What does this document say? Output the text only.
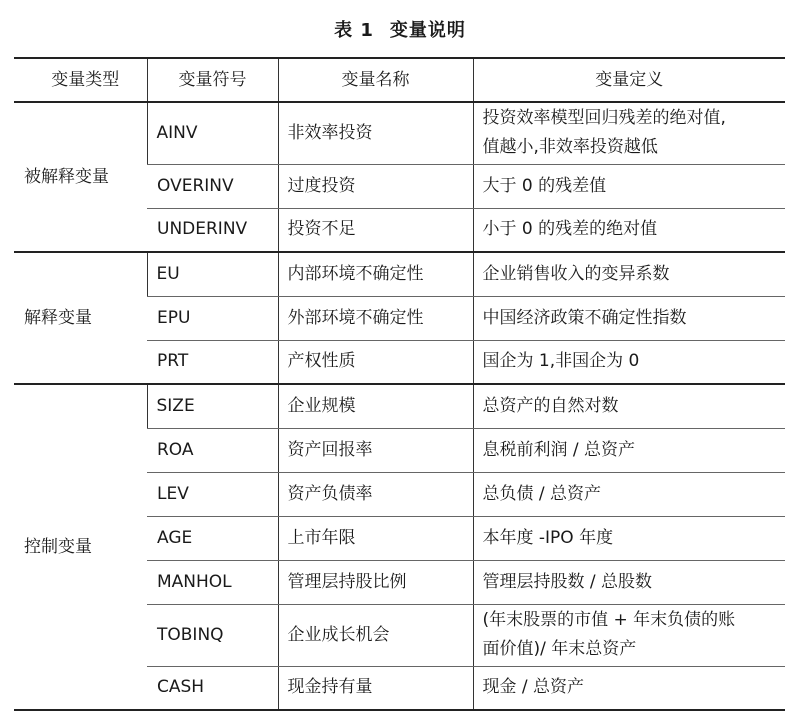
表 1 变量说明
变量类型	变量符号	变量名称	变量定义
被解释变量	AINV	非效率投资	投资效率模型回归残差的绝对值,
值越小,非效率投资越低
	OVERINV	过度投资	大于 0 的残差值
	UNDERINV	投资不足	小于 0 的残差的绝对值
解释变量	EU	内部环境不确定性	企业销售收入的变异系数
	EPU	外部环境不确定性	中国经济政策不确定性指数
	PRT	产权性质	国企为 1,非国企为 0
控制变量	SIZE	企业规模	总资产的自然对数
	ROA	资产回报率	息税前利润 / 总资产
	LEV	资产负债率	总负债 / 总资产
	AGE	上市年限	本年度 -IPO 年度
	MANHOL	管理层持股比例	管理层持股数 / 总股数
	TOBINQ	企业成长机会	(年末股票的市值 + 年末负债的账
面价值)/ 年末总资产
	CASH	现金持有量	现金 / 总资产
